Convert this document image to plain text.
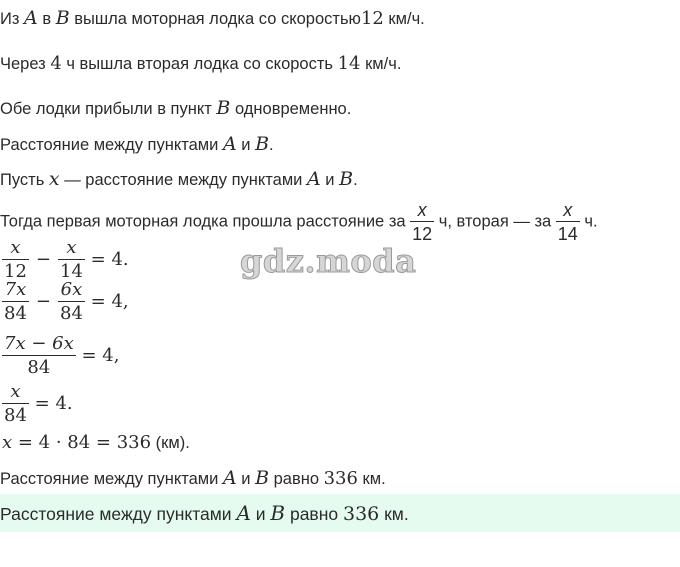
Из A в B вышла моторная лодка со скоростью12 км/ч.
Через 4 ч вышла вторая лодка со скорость 14 км/ч.
Обе лодки прибыли в пункт B одновременно.
Расстояние между пунктами A и B.
Пусть x — расстояние между пунктами A и B.
Тогда первая моторная лодка прошла расстояние за $\frac{x}{12} ч$, вторая — за $\frac{x}{14} ч$.
$\frac{x}{12} - \frac{x}{14} = 4$.
$\frac{7x}{84} - \frac{6x}{84} = 4$,
$\frac{7x - 6x}{84} = 4$,
$\frac{x}{84} = 4$.
x = 4 · 84 = 336 (км).
Расстояние между пунктами A и B равно 336 км.
Расстояние между пунктами A и B равно 336 км.
gdz.moda
